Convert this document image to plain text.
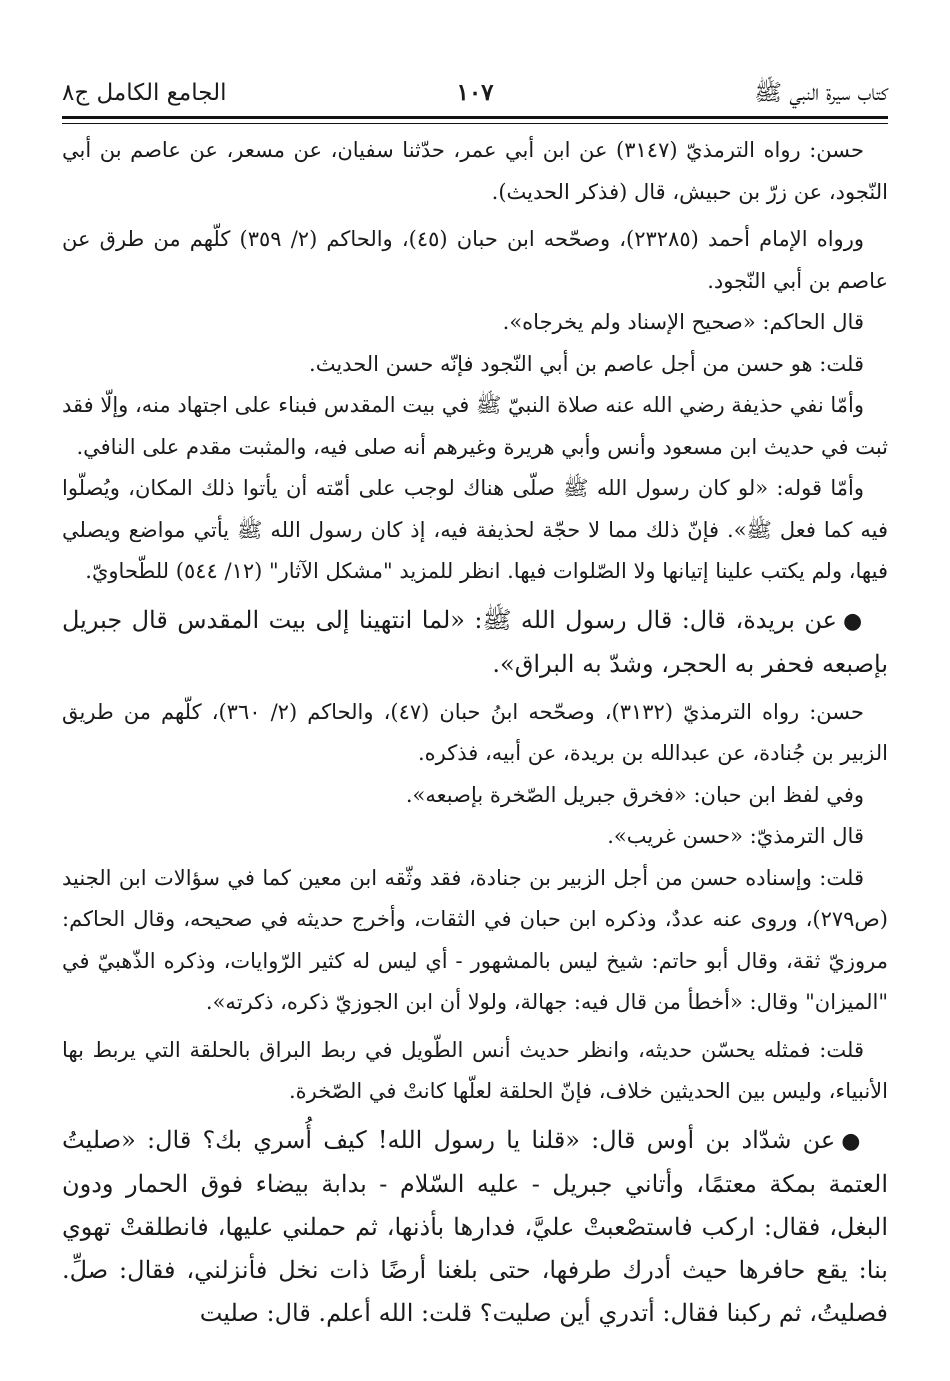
كتاب سيرة النبي ﷺ
١٠٧
الجامع الكامل ج٨

حسن: رواه الترمذيّ (٣١٤٧) عن ابن أبي عمر، حدّثنا سفيان، عن مسعر، عن عاصم بن أبي النّجود، عن زرّ بن حبيش، قال (فذكر الحديث).

ورواه الإمام أحمد (٢٣٢٨٥)، وصحّحه ابن حبان (٤٥)، والحاكم (٢/ ٣٥٩) كلّهم من طرق عن عاصم بن أبي النّجود.

قال الحاكم: «صحيح الإسناد ولم يخرجاه».

قلت: هو حسن من أجل عاصم بن أبي النّجود فإنّه حسن الحديث.

وأمّا نفي حذيفة رضي الله عنه صلاة النبيّ ﷺ في بيت المقدس فبناء على اجتهاد منه، وإلّا فقد ثبت في حديث ابن مسعود وأنس وأبي هريرة وغيرهم أنه صلى فيه، والمثبت مقدم على النافي.

وأمّا قوله: «لو كان رسول الله ﷺ صلّى هناك لوجب على أمّته أن يأتوا ذلك المكان، ويُصلّوا فيه كما فعل ﷺ». فإنّ ذلك مما لا حجّة لحذيفة فيه، إذ كان رسول الله ﷺ يأتي مواضع ويصلي فيها، ولم يكتب علينا إتيانها ولا الصّلوات فيها. انظر للمزيد "مشكل الآثار" (١٢/ ٥٤٤) للطّحاويّ.

●عن بريدة، قال: قال رسول الله ﷺ: «لما انتهينا إلى بيت المقدس قال جبريل بإصبعه فحفر به الحجر، وشدّ به البراق».

حسن: رواه الترمذيّ (٣١٣٢)، وصحّحه ابنُ حبان (٤٧)، والحاكم (٢/ ٣٦٠)، كلّهم من طريق الزبير بن جُنادة، عن عبدالله بن بريدة، عن أبيه، فذكره.

وفي لفظ ابن حبان: «فخرق جبريل الصّخرة بإصبعه».

قال الترمذيّ: «حسن غريب».

قلت: وإسناده حسن من أجل الزبير بن جنادة، فقد وثّقه ابن معين كما في سؤالات ابن الجنيد (ص٢٧٩)، وروى عنه عددٌ، وذكره ابن حبان في الثقات، وأخرج حديثه في صحيحه، وقال الحاكم: مروزيّ ثقة، وقال أبو حاتم: شيخ ليس بالمشهور - أي ليس له كثير الرّوايات، وذكره الذّهبيّ في "الميزان" وقال: «أخطأ من قال فيه: جهالة، ولولا أن ابن الجوزيّ ذكره، ذكرته».

قلت: فمثله يحسّن حديثه، وانظر حديث أنس الطّويل في ربط البراق بالحلقة التي يربط بها الأنبياء، وليس بين الحديثين خلاف، فإنّ الحلقة لعلّها كانتْ في الصّخرة.

●عن شدّاد بن أوس قال: «قلنا يا رسول الله! كيف أُسري بك؟ قال: «صليتُ العتمة بمكة معتمًا، وأتاني جبريل - عليه السّلام - بدابة بيضاء فوق الحمار ودون البغل، فقال: اركب فاستصْعبتْ عليَّ، فدارها بأذنها، ثم حملني عليها، فانطلقتْ تهوي بنا: يقع حافرها حيث أدرك طرفها، حتى بلغنا أرضًا ذات نخل فأنزلني، فقال: صلِّ. فصليتُ، ثم ركبنا فقال: أتدري أين صليت؟ قلت: الله أعلم. قال: صليت
